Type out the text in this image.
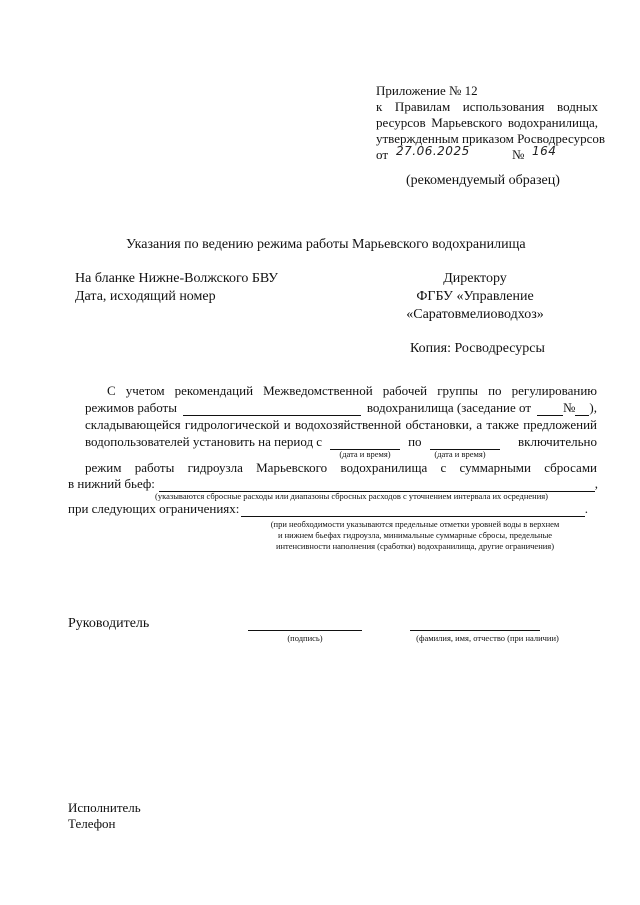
Приложение № 12
к Правилам использования водных
ресурсов Марьевского водохранилища,
утвержденным приказом Росводресурсов
от 27.06.2025	№ 164
(рекомендуемый образец)
Указания по ведению режима работы Марьевского водохранилища
На бланке Нижне-Волжского БВУ
Дата, исходящий номер
Директору
ФГБУ «Управление
«Саратовмелиоводхоз»
Копия: Росводресурсы
С учетом рекомендаций Межведомственной рабочей группы по регулированию
режимов работы	водохранилища (заседание от № ),
складывающейся гидрологической и водохозяйственной обстановки, а также предложений
водопользователей установить на период с	по	включительно
(дата и время)	(дата и время)
режим работы гидроузла Марьевского водохранилища с суммарными сбросами
в нижний бьеф:	,
(указываются сбросные расходы или диапазоны сбросных расходов с уточнением интервала их осреднения)
при следующих ограничениях:	.
(при необходимости указываются предельные отметки уровней воды в верхнем
и нижнем бьефах гидроузла, минимальные суммарные сбросы, предельные
интенсивности наполнения (сработки) водохранилища, другие ограничения)
Руководитель
(подпись)	(фамилия, имя, отчество (при наличии)
Исполнитель
Телефон
